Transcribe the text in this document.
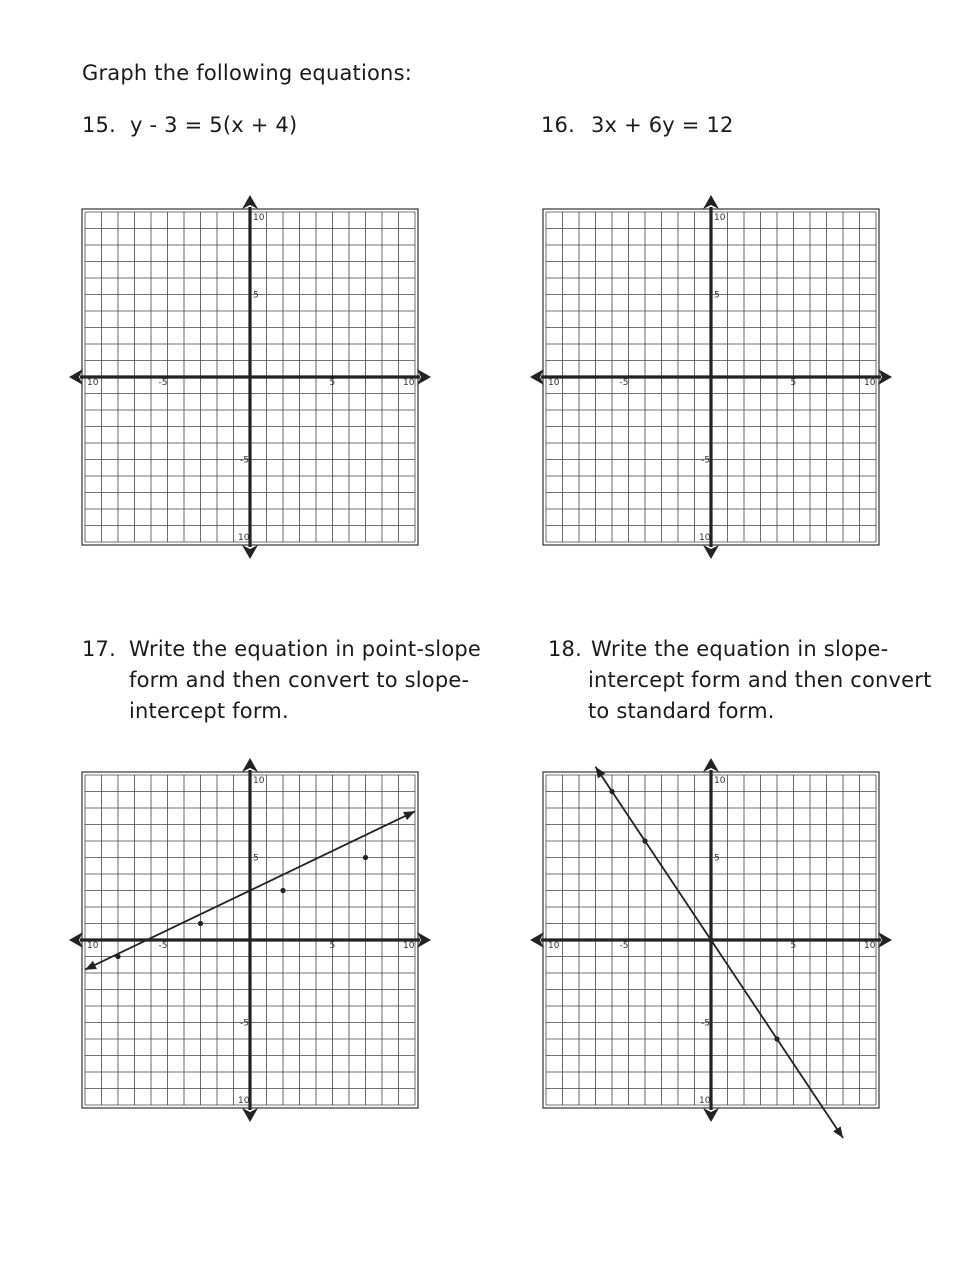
Graph the following equations:
15. y - 3 = 5(x + 4)	16. 3x + 6y = 12
17. Write the equation in point-slope
form and then convert to slope-
intercept form.
18. Write the equation in slope-
intercept form and then convert
to standard form.
10	-5	5	10
10
5
-5
10
10	-5	5	10
10
5
-5
10
10	-5	5	10
10
5
-5
10
10	-5	5	10
10
5
-5
10
